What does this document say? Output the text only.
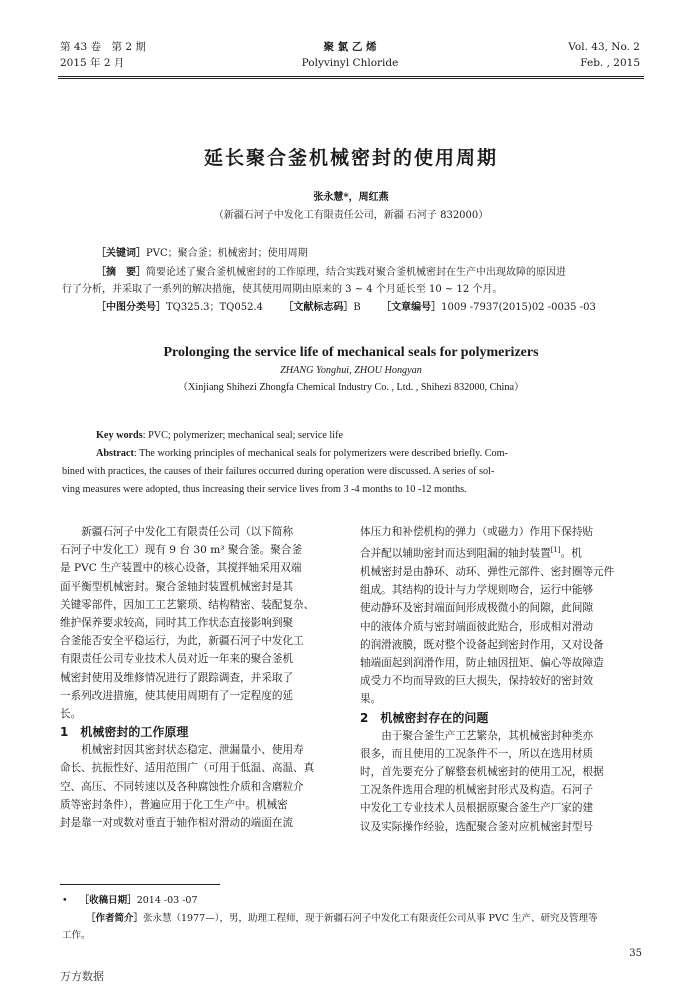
第 43 卷　第 2 期
2015 年 2 月
聚 氯 乙 烯
Polyvinyl Chloride
Vol. 43, No. 2
Feb. , 2015
延长聚合釜机械密封的使用周期
张永慧*，周红燕
（新疆石河子中发化工有限责任公司，新疆 石河子 832000）
［关键词］PVC；聚合釜；机械密封；使用周期
［摘　要］简要论述了聚合釜机械密封的工作原理，结合实践对聚合釜机械密封在生产中出现故障的原因进
行了分析，并采取了一系列的解决措施，使其使用周期由原来的 3 ~ 4 个月延长至 10 ~ 12 个月。
［中图分类号］TQ325.3；TQ052.4 ［文献标志码］B ［文章编号］1009 -7937(2015)02 -0035 -03
Prolonging the service life of mechanical seals for polymerizers
ZHANG Yonghui, ZHOU Hongyan
（Xinjiang Shihezi Zhongfa Chemical Industry Co. , Ltd. , Shihezi 832000, China）
Key words: PVC; polymerizer; mechanical seal; service life
Abstract: The working principles of mechanical seals for polymerizers were described briefly. Com-
bined with practices, the causes of their failures occurred during operation were discussed. A series of sol-
ving measures were adopted, thus increasing their service lives from 3 -4 months to 10 -12 months.
新疆石河子中发化工有限责任公司（以下简称
石河子中发化工）现有 9 台 30 m³ 聚合釜。聚合釜
是 PVC 生产装置中的核心设备，其搅拌轴采用双端
面平衡型机械密封。聚合釜轴封装置机械密封是其
关键零部件，因加工工艺繁琐、结构精密、装配复杂、
维护保养要求较高，同时其工作状态直接影响到聚
合釜能否安全平稳运行，为此，新疆石河子中发化工
有限责任公司专业技术人员对近一年来的聚合釜机
械密封使用及维修情况进行了跟踪调查，并采取了
一系列改进措施，使其使用周期有了一定程度的延
长。
1　机械密封的工作原理
机械密封因其密封状态稳定、泄漏量小、使用寿
命长、抗振性好、适用范围广（可用于低温、高温、真
空、高压、不同转速以及各种腐蚀性介质和含磨粒介
质等密封条件），普遍应用于化工生产中。机械密
封是靠一对或数对垂直于轴作相对滑动的端面在流
体压力和补偿机构的弹力（或磁力）作用下保持贴
合并配以辅助密封而达到阻漏的轴封装置[1]。机
机械密封是由静环、动环、弹性元部件、密封圈等元件
组成。其结构的设计与力学规则吻合，运行中能够
使动静环及密封端面间形成极微小的间隙，此间隙
中的液体介质与密封端面彼此贴合，形成相对滑动
的润滑液膜，既对整个设备起到密封作用，又对设备
轴端面起到润滑作用，防止轴因扭矩、偏心等故障造
成受力不均而导致的巨大损失，保持较好的密封效
果。
2　机械密封存在的问题
由于聚合釜生产工艺繁杂，其机械密封种类亦
很多，而且使用的工况条件不一，所以在选用材质
时，首先要充分了解整套机械密封的使用工况，根据
工况条件选用合理的机械密封形式及构造。石河子
中发化工专业技术人员根据原聚合釜生产厂家的建
议及实际操作经验，选配聚合釜对应机械密封型号
• ［收稿日期］2014 -03 -07
［作者简介］张永慧（1977—），男，助理工程师，现于新疆石河子中发化工有限责任公司从事 PVC 生产、研究及管理等
工作。
35
万方数据
